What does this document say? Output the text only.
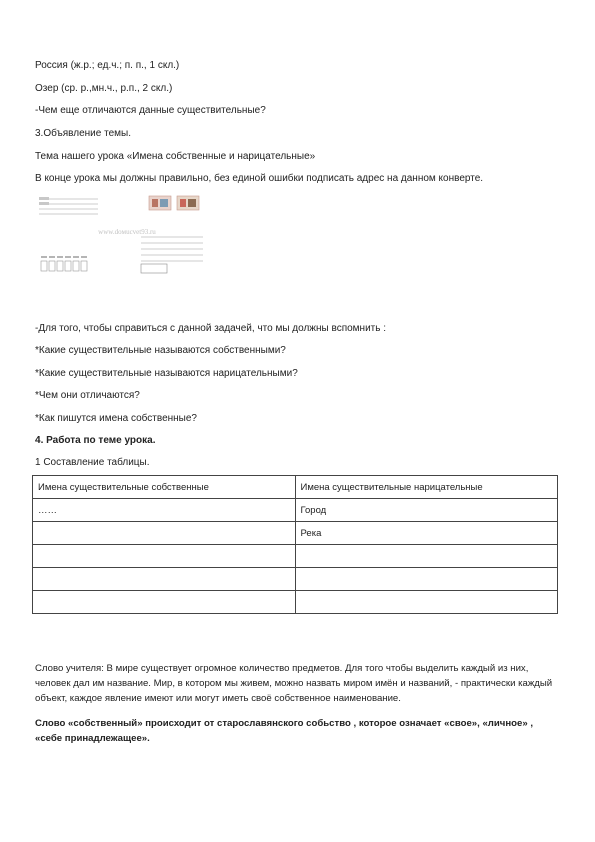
Россия (ж.р.; ед.ч.; п. п., 1 скл.)

Озер (ср. р.,мн.ч., р.п., 2 скл.)

-Чем еще отличаются данные существительные?

3.Объявление темы.

Тема нашего урока «Имена собственные и нарицательные»

В конце урока мы должны правильно, без единой ошибки подписать адрес на данном конверте.

www.doмucvet93.ru

-Для того, чтобы справиться с данной задачей, что мы должны вспомнить :

*Какие существительные называются собственными?

*Какие существительные называются нарицательными?

*Чем они отличаются?

*Как пишутся имена собственные?

4. Работа по теме урока.

1 Составление таблицы.

Имена существительные собственные	Имена существительные нарицательные
……	Город
	Река

Слово учителя: В мире существует огромное количество предметов. Для того чтобы выделить каждый из них, человек дал им название. Мир, в котором мы живем, можно назвать миром имён и названий, - практически каждый объект, каждое явление имеют или могут иметь своё собственное наименование.

Слово «собственный» происходит от старославянского собьство , которое означает «свое», «личное» , «себе принадлежащее».
